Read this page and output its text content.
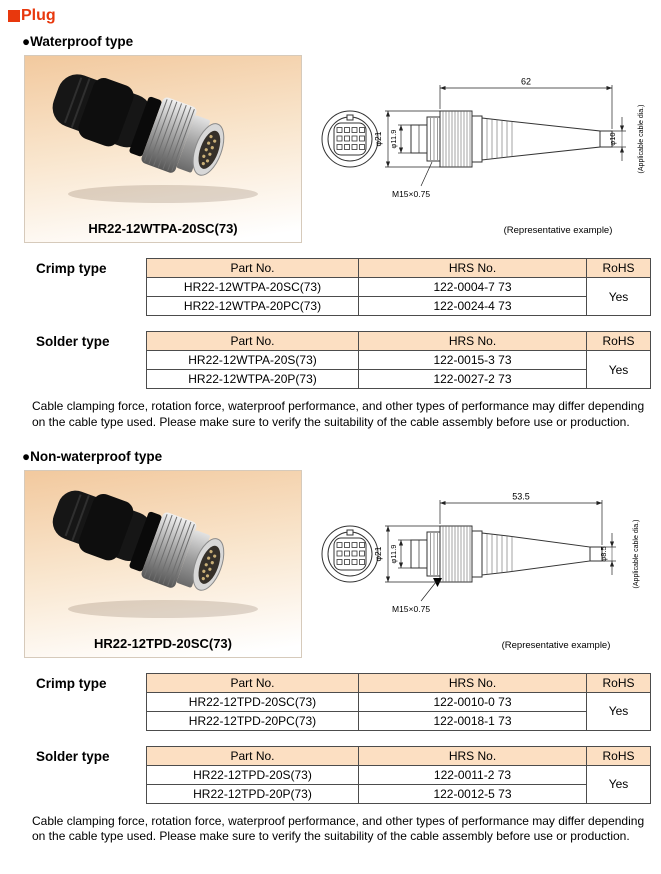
Plug
●Waterproof type
HR22-12WTPA-20SC(73)
62
φ21 φ11.9
M15×0.75
φ10	(Applicable cable dia.)
(Representative example)
Crimp type	Part No.	HRS No.	RoHS
HR22-12WTPA-20SC(73)	122-0004-7 73	Yes
HR22-12WTPA-20PC(73)	122-0024-4 73	
Solder type	Part No.	HRS No.	RoHS
HR22-12WTPA-20S(73)	122-0015-3 73	Yes
HR22-12WTPA-20P(73)	122-0027-2 73	

Cable clamping force, rotation force, waterproof performance, and other types of performance may differ depending on the cable type used. Please make sure to verify the suitability of the cable assembly before use or production.

●Non-waterproof type
HR22-12TPD-20SC(73)
53.5
φ21 φ11.9
M15×0.75
φ8.5	(Applicable cable dia.)
(Representative example)
Crimp type	Part No.	HRS No.	RoHS
HR22-12TPD-20SC(73)	122-0010-0 73	Yes
HR22-12TPD-20PC(73)	122-0018-1 73	
Solder type	Part No.	HRS No.	RoHS
HR22-12TPD-20S(73)	122-0011-2 73	Yes
HR22-12TPD-20P(73)	122-0012-5 73	

Cable clamping force, rotation force, waterproof performance, and other types of performance may differ depending on the cable type used. Please make sure to verify the suitability of the cable assembly before use or production.
